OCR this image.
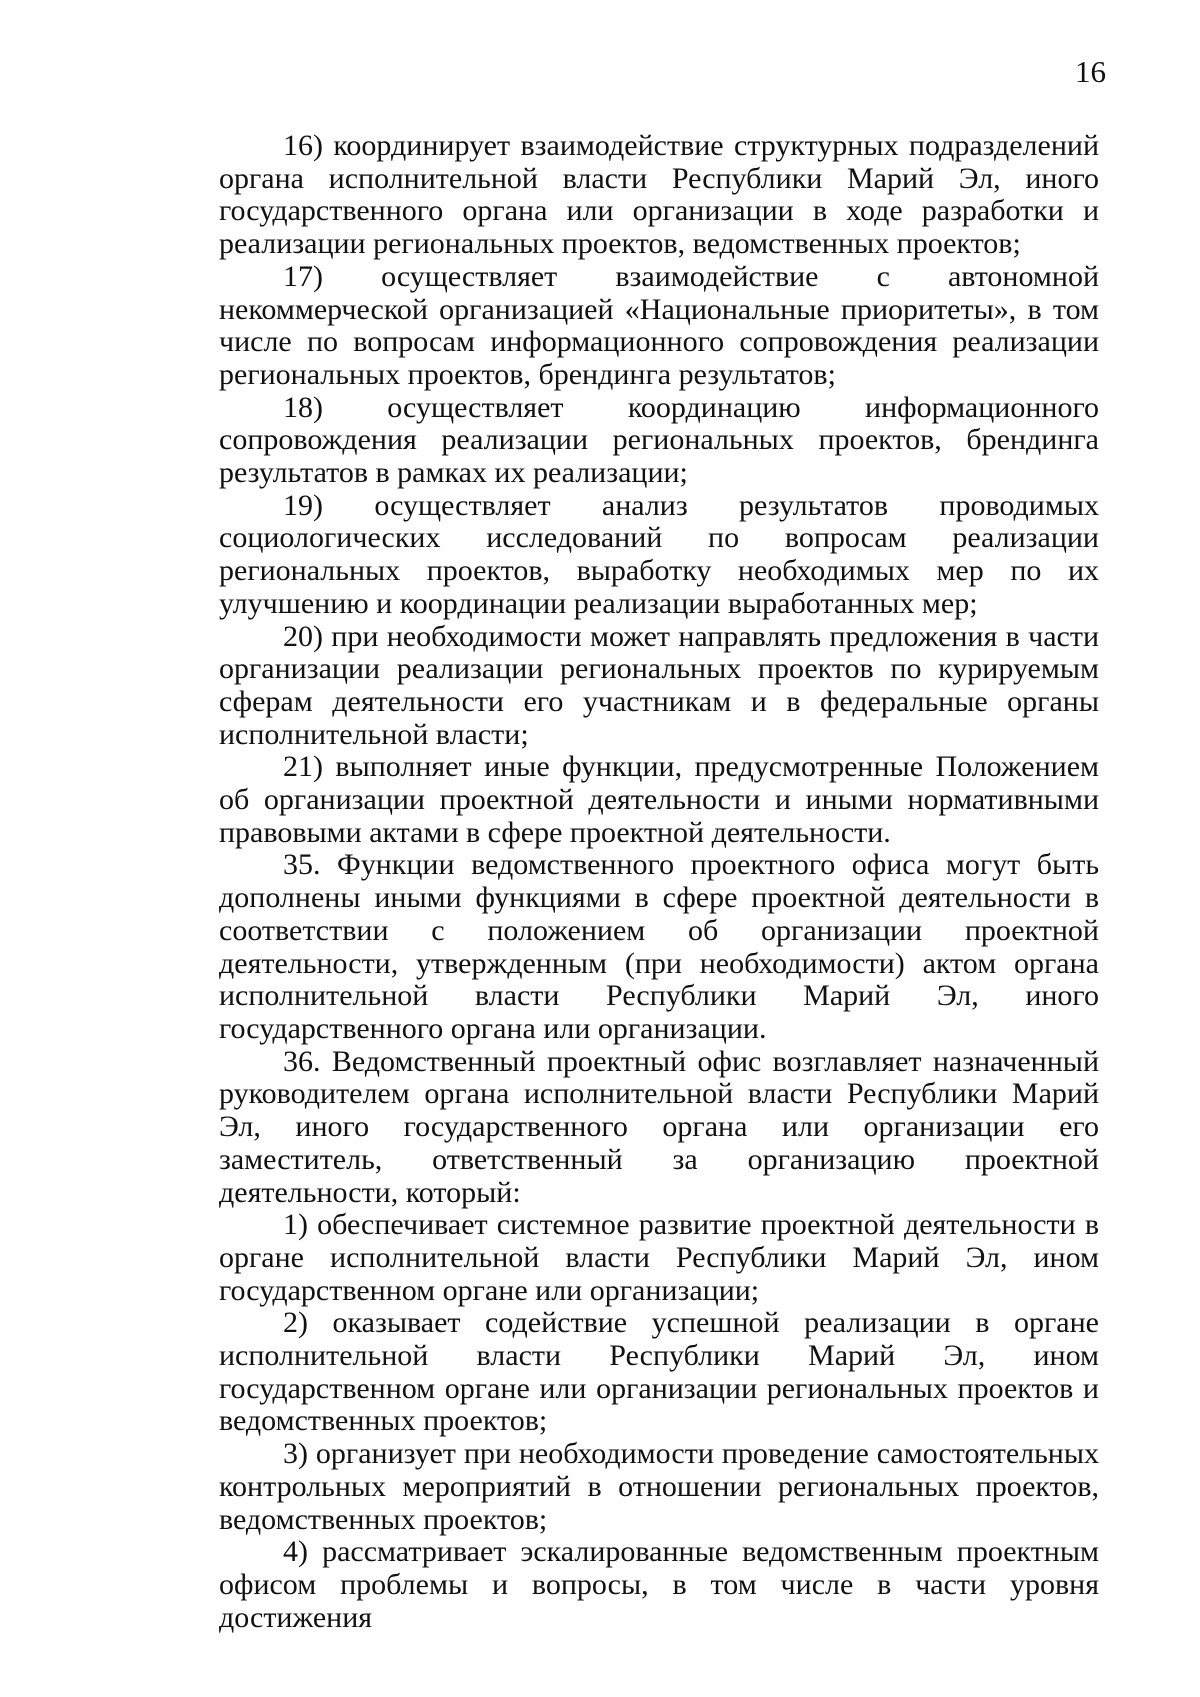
16

16) координирует взаимодействие структурных подразделений органа исполнительной власти Республики Марий Эл, иного государственного органа или организации в ходе разработки и реализации региональных проектов, ведомственных проектов;

17) осуществляет взаимодействие с автономной некоммерческой организацией «Национальные приоритеты», в том числе по вопросам информационного сопровождения реализации региональных проектов, брендинга результатов;

18) осуществляет координацию информационного сопровождения реализации региональных проектов, брендинга результатов в рамках их реализации;

19) осуществляет анализ результатов проводимых социологических исследований по вопросам реализации региональных проектов, выработку необходимых мер по их улучшению и координации реализации выработанных мер;

20) при необходимости может направлять предложения в части организации реализации региональных проектов по курируемым сферам деятельности его участникам и в федеральные органы исполнительной власти;

21) выполняет иные функции, предусмотренные Положением об организации проектной деятельности и иными нормативными правовыми актами в сфере проектной деятельности.

35. Функции ведомственного проектного офиса могут быть дополнены иными функциями в сфере проектной деятельности в соответствии с положением об организации проектной деятельности, утвержденным (при необходимости) актом органа исполнительной власти Республики Марий Эл, иного государственного органа или организации.

36. Ведомственный проектный офис возглавляет назначенный руководителем органа исполнительной власти Республики Марий Эл, иного государственного органа или организации его заместитель, ответственный за организацию проектной деятельности, который:

1) обеспечивает системное развитие проектной деятельности в органе исполнительной власти Республики Марий Эл, ином государственном органе или организации;

2) оказывает содействие успешной реализации в органе исполнительной власти Республики Марий Эл, ином государственном органе или организации региональных проектов и ведомственных проектов;

3) организует при необходимости проведение самостоятельных контрольных мероприятий в отношении региональных проектов, ведомственных проектов;

4) рассматривает эскалированные ведомственным проектным офисом проблемы и вопросы, в том числе в части уровня достижения
